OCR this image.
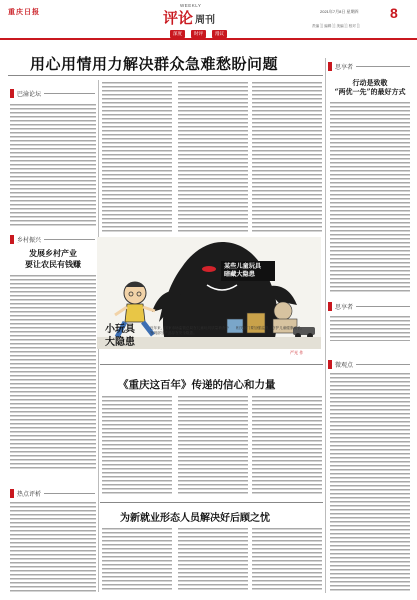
重庆日报
WEEKLY
评论 周刊
深度	时评	漫议
2021年7月8日 星期四 8
责编 ░ 编辑 ░ 美编 ░ 校对 ░
用心用情用力解决群众急难愁盼问题	思享者
行动是致敬
“两优一先”的最好方式
思享者
微观点
巴渝论坛
乡村振兴
发展乡村产业
要让农民有钱赚
热点评析
某些儿童玩具
暗藏大隐患
小玩具
大隐患
近年来，国家市场监管总局在儿童玩具质量抽查中发现部分产品存在安全隐患。
相关部门要加强监管，守护儿童健康成长。
严光 作
《重庆这百年》传递的信心和力量
为新就业形态人员解决好后顾之忧
